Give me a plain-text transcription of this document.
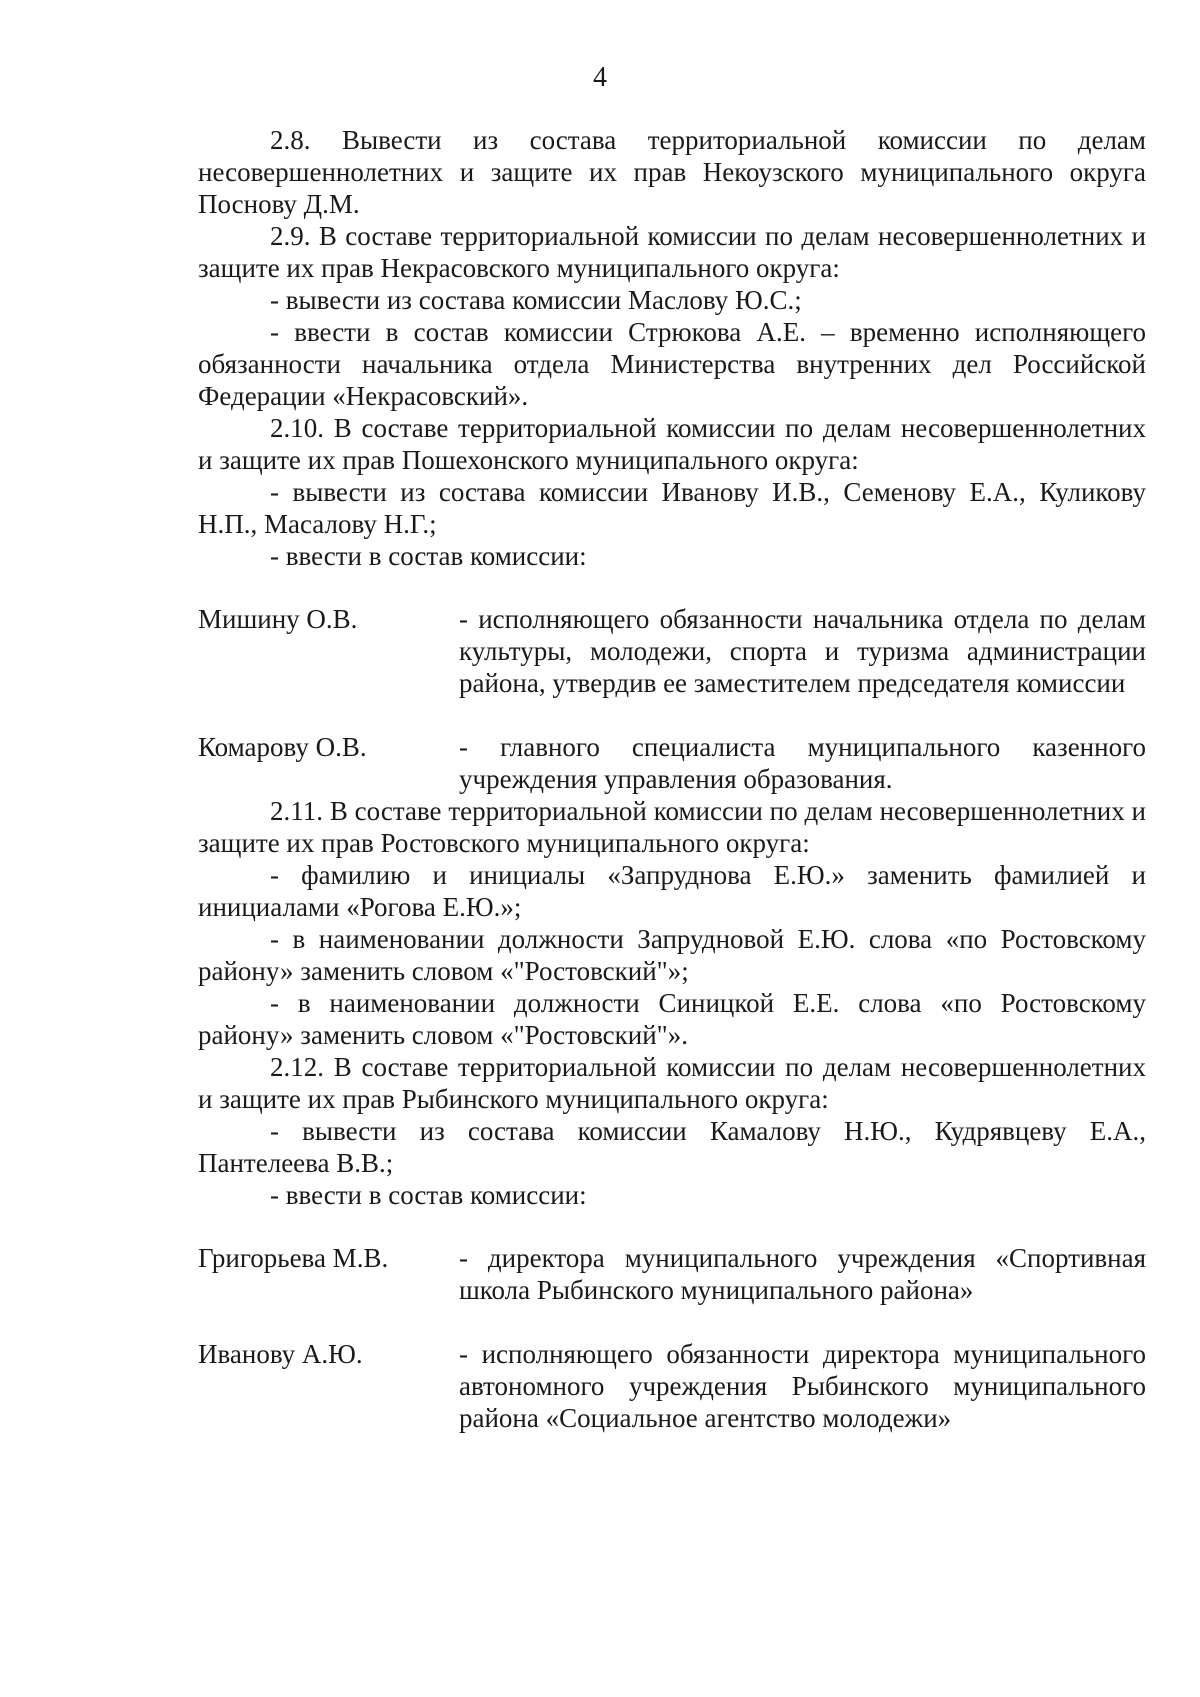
4

2.8. Вывести из состава территориальной комиссии по делам несовершеннолетних и защите их прав Некоузского муниципального округа Поснову Д.М.

2.9. В составе территориальной комиссии по делам несовершеннолетних и защите их прав Некрасовского муниципального округа:

- вывести из состава комиссии Маслову Ю.С.;

- ввести в состав комиссии Стрюкова А.Е. – временно исполняющего обязанности начальника отдела Министерства внутренних дел Российской Федерации «Некрасовский».

2.10. В составе территориальной комиссии по делам несовершеннолетних и защите их прав Пошехонского муниципального округа:

- вывести из состава комиссии Иванову И.В., Семенову Е.А., Куликову Н.П., Масалову Н.Г.;

- ввести в состав комиссии:

Мишину О.В.	- исполняющего обязанности начальника отдела по делам культуры, молодежи, спорта и туризма администрации района, утвердив ее заместителем председателя комиссии
Комарову О.В.	- главного специалиста муниципального казенного учреждения управления образования.

2.11. В составе территориальной комиссии по делам несовершеннолетних и защите их прав Ростовского муниципального округа:

- фамилию и инициалы «Запруднова Е.Ю.» заменить фамилией и инициалами «Рогова Е.Ю.»;

- в наименовании должности Запрудновой Е.Ю. слова «по Ростовскому району» заменить словом «"Ростовский"»;

- в наименовании должности Синицкой Е.Е. слова «по Ростовскому району» заменить словом «"Ростовский"».

2.12. В составе территориальной комиссии по делам несовершеннолетних и защите их прав Рыбинского муниципального округа:

- вывести из состава комиссии Камалову Н.Ю., Кудрявцеву Е.А., Пантелеева В.В.;

- ввести в состав комиссии:

Григорьева М.В.	- директора муниципального учреждения «Спортивная школа Рыбинского муниципального района»
Иванову А.Ю.	- исполняющего обязанности директора муниципального автономного учреждения Рыбинского муниципального района «Социальное агентство молодежи»
